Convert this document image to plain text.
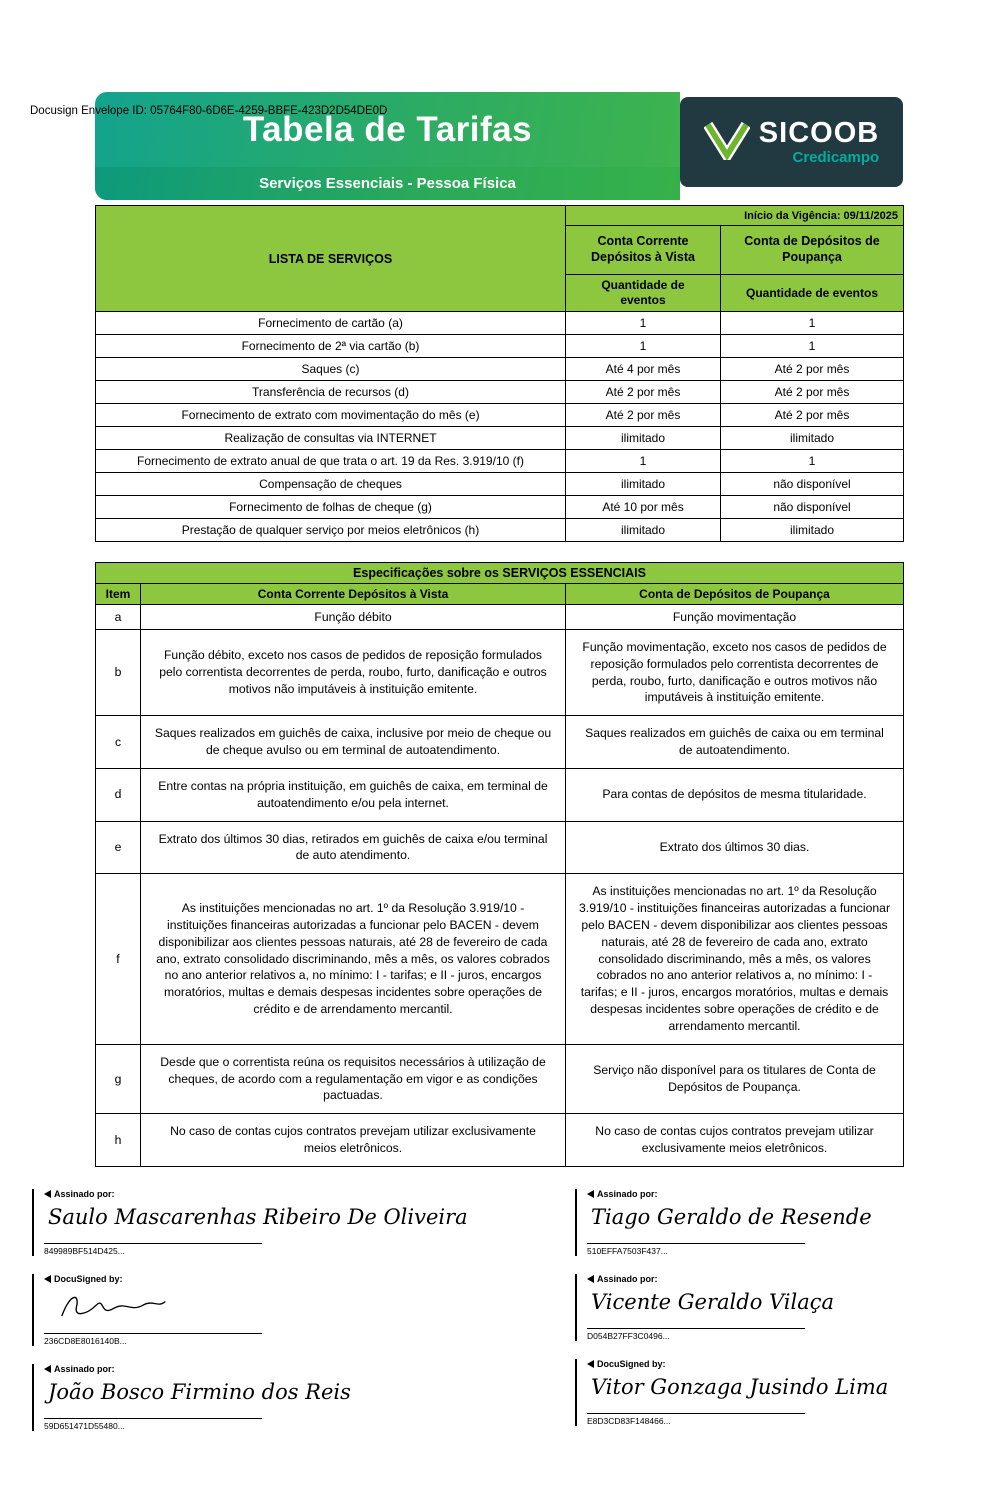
Docusign Envelope ID: 05764F80-6D6E-4259-BBFE-423D2D54DE0D
Tabela de Tarifas
Serviços Essenciais - Pessoa Física
SICOOB
Credicampo
LISTA DE SERVIÇOS	Início da Vigência: 09/11/2025	
	Conta Corrente Depósitos à Vista	Conta de Depósitos de Poupança
	Quantidade de eventos	Quantidade de eventos
Fornecimento de cartão (a)	1	1
Fornecimento de 2ª via cartão (b)	1	1
Saques (c)	Até 4 por mês	Até 2 por mês
Transferência de recursos (d)	Até 2 por mês	Até 2 por mês
Fornecimento de extrato com movimentação do mês (e)	Até 2 por mês	Até 2 por mês
Realização de consultas via INTERNET	ilimitado	ilimitado
Fornecimento de extrato anual de que trata o art. 19 da Res. 3.919/10 (f)	1	1
Compensação de cheques	ilimitado	não disponível
Fornecimento de folhas de cheque (g)	Até 10 por mês	não disponível
Prestação de qualquer serviço por meios eletrônicos (h)	ilimitado	ilimitado
Especificações sobre os SERVIÇOS ESSENCIAIS		
Item	Conta Corrente Depósitos à Vista	Conta de Depósitos de Poupança
a	Função débito	Função movimentação
b	Função débito, exceto nos casos de pedidos de reposição formulados pelo correntista decorrentes de perda, roubo, furto, danificação e outros motivos não imputáveis à instituição emitente.	Função movimentação, exceto nos casos de pedidos de reposição formulados pelo correntista decorrentes de perda, roubo, furto, danificação e outros motivos não imputáveis à instituição emitente.
c	Saques realizados em guichês de caixa, inclusive por meio de cheque ou de cheque avulso ou em terminal de autoatendimento.	Saques realizados em guichês de caixa ou em terminal de autoatendimento.
d	Entre contas na própria instituição, em guichês de caixa, em terminal de autoatendimento e/ou pela internet.	Para contas de depósitos de mesma titularidade.
e	Extrato dos últimos 30 dias, retirados em guichês de caixa e/ou terminal de auto atendimento.	Extrato dos últimos 30 dias.
f	As instituições mencionadas no art. 1º da Resolução 3.919/10 - instituições financeiras autorizadas a funcionar pelo BACEN - devem disponibilizar aos clientes pessoas naturais, até 28 de fevereiro de cada ano, extrato consolidado discriminando, mês a mês, os valores cobrados no ano anterior relativos a, no mínimo: I - tarifas; e II - juros, encargos moratórios, multas e demais despesas incidentes sobre operações de crédito e de arrendamento mercantil.	As instituições mencionadas no art. 1º da Resolução 3.919/10 - instituições financeiras autorizadas a funcionar pelo BACEN - devem disponibilizar aos clientes pessoas naturais, até 28 de fevereiro de cada ano, extrato consolidado discriminando, mês a mês, os valores cobrados no ano anterior relativos a, no mínimo: I - tarifas; e II - juros, encargos moratórios, multas e demais despesas incidentes sobre operações de crédito e de arrendamento mercantil.
g	Desde que o correntista reúna os requisitos necessários à utilização de cheques, de acordo com a regulamentação em vigor e as condições pactuadas.	Serviço não disponível para os titulares de Conta de Depósitos de Poupança.
h	No caso de contas cujos contratos prevejam utilizar exclusivamente meios eletrônicos.	No caso de contas cujos contratos prevejam utilizar exclusivamente meios eletrônicos.
Assinado por:
Saulo Mascarenhas Ribeiro De Oliveira
849989BF514D425...
DocuSigned by:
236CD8E8016140B...
Assinado por:
João Bosco Firmino dos Reis
59D651471D55480...
Assinado por:
Tiago Geraldo de Resende
510EFFA7503F437...
Assinado por:
Vicente Geraldo Vilaça
D054B27FF3C0496...
DocuSigned by:
Vitor Gonzaga Jusindo Lima
E8D3CD83F148466...
